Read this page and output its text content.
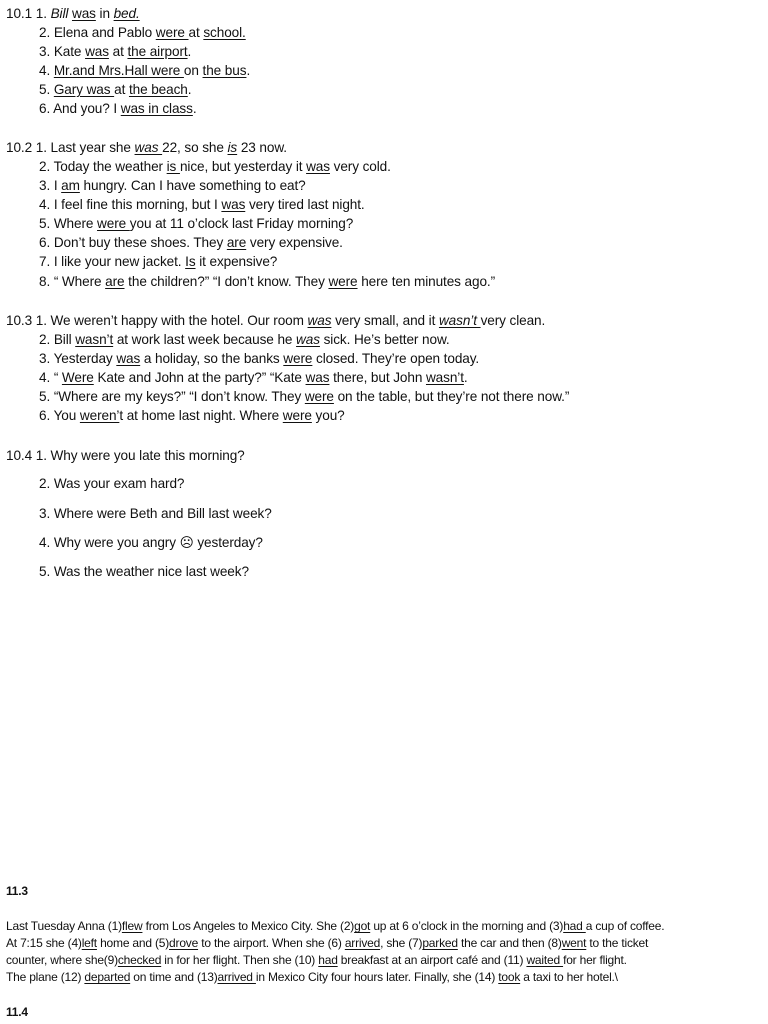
10.1 1. Bill was in bed.
2. Elena and Pablo were at school.
3. Kate was at the airport.
4. Mr.and Mrs.Hall were on the bus.
5. Gary was at the beach.
6. And you? I was in class.
10.2 1. Last year she was 22, so she is 23 now.
2. Today the weather is nice, but yesterday it was very cold.
3. I am hungry. Can I have something to eat?
4. I feel fine this morning, but I was very tired last night.
5. Where were you at 11 o’clock last Friday morning?
6. Don’t buy these shoes. They are very expensive.
7. I like your new jacket. Is it expensive?
8. “ Where are the children?” “I don’t know. They were here ten minutes ago.”
10.3 1. We weren’t happy with the hotel. Our room was very small, and it wasn’t very clean.
2. Bill wasn’t at work last week because he was sick. He’s better now.
3. Yesterday was a holiday, so the banks were closed. They’re open today.
4. “ Were Kate and John at the party?” “Kate was there, but John wasn’t.
5. “Where are my keys?” “I don’t know. They were on the table, but they’re not there now.”
6. You weren’t at home last night. Where were you?
10.4 1. Why were you late this morning?
2. Was your exam hard?
3. Where were Beth and Bill last week?
4. Why were you angry ☹ yesterday?
5. Was the weather nice last week?
11.3
Last Tuesday Anna (1)flew from Los Angeles to Mexico City. She (2)got up at 6 o’clock in the morning and (3)had a cup of coffee.
At 7:15 she (4)left home and (5)drove to the airport. When she (6) arrived, she (7)parked the car and then (8)went to the ticket
counter, where she(9)checked in for her flight. Then she (10) had breakfast at an airport café and (11) waited for her flight.
The plane (12) departed on time and (13)arrived in Mexico City four hours later. Finally, she (14) took a taxi to her hotel.\
11.4
